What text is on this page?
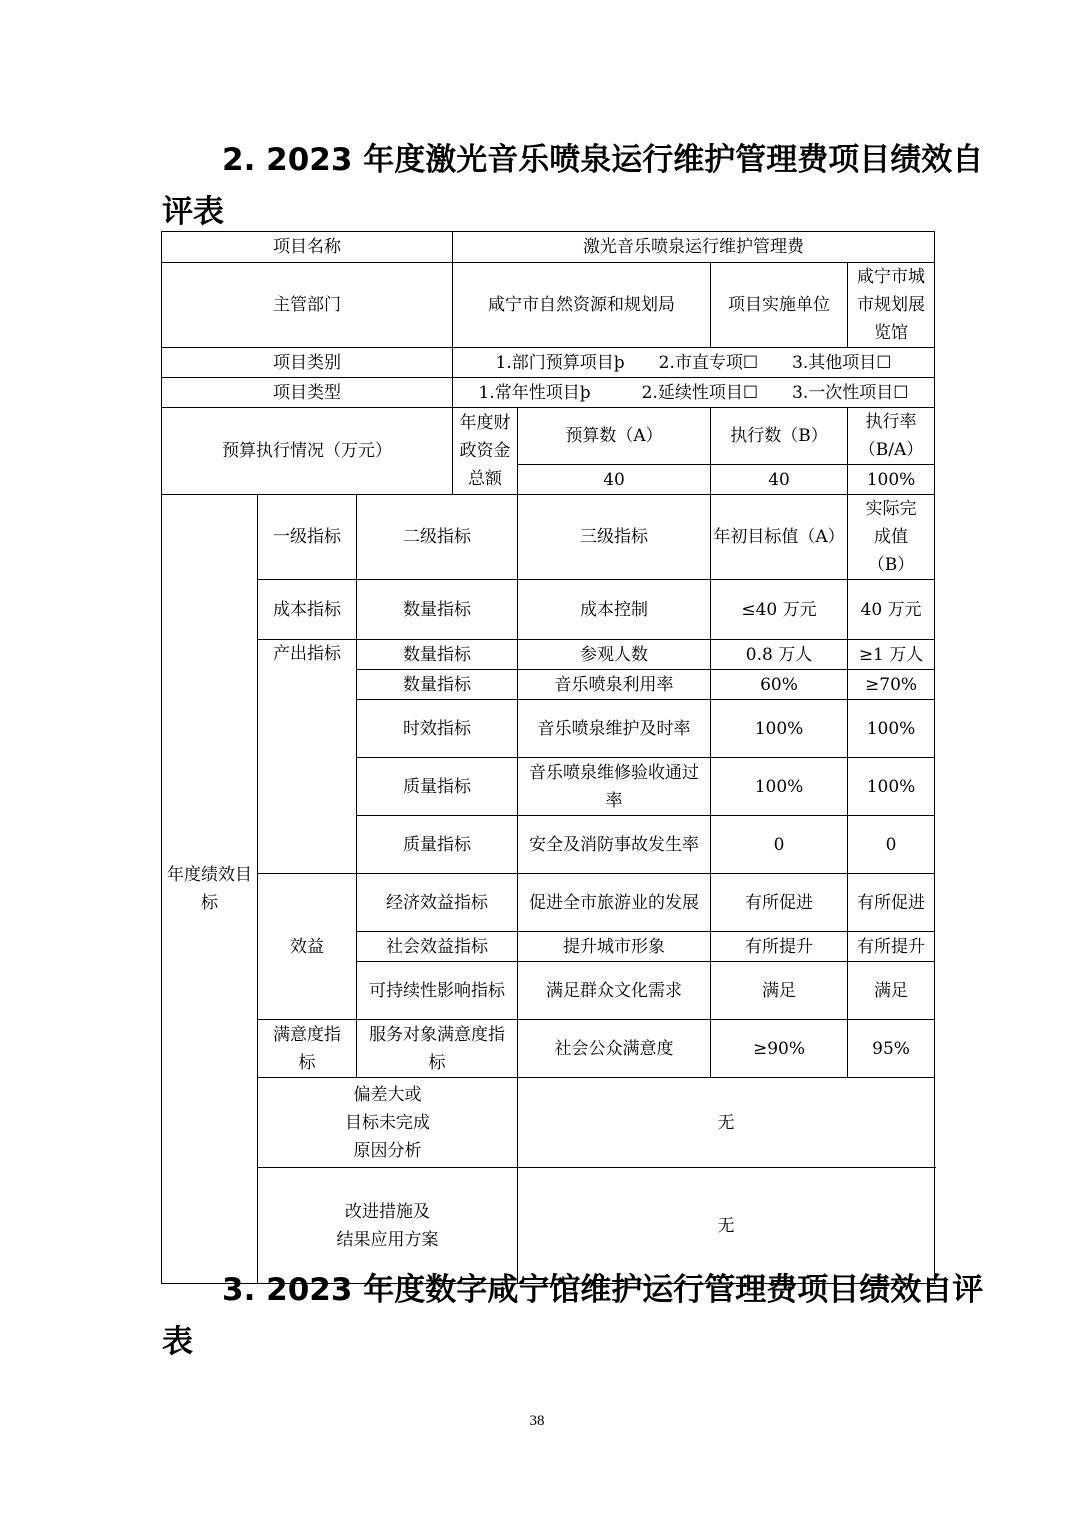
2. 2023 年度激光音乐喷泉运行维护管理费项目绩效自
评表
项目名称			激光音乐喷泉运行维护管理费			
主管部门			咸宁市自然资源和规划局		项目实施单位	咸宁市城市规划展览馆
项目类别			1.部门预算项目þ　　2.市直专项☐　　3.其他项目☐			
项目类型			1.常年性项目þ　　　2.延续性项目☐　　3.一次性项目☐			
预算执行情况（万元）			年度财政资金总额	预算数（A）	执行数（B）	执行率（B/A）
				40	40	100%
年度绩效目标	一级指标	二级指标		三级指标	年初目标值（A）	实际完成值（B）
	成本指标	数量指标		成本控制	≤40 万元	40 万元
	产出指标	数量指标		参观人数	0.8 万人	≥1 万人
		数量指标		音乐喷泉利用率	60%	≥70%
		时效指标		音乐喷泉维护及时率	100%	100%
		质量指标		音乐喷泉维修验收通过率	100%	100%
		质量指标		安全及消防事故发生率	0	0
	效益	经济效益指标		促进全市旅游业的发展	有所促进	有所促进
		社会效益指标		提升城市形象	有所提升	有所提升
		可持续性影响指标		满足群众文化需求	满足	满足
	满意度指标	服务对象满意度指标		社会公众满意度	≥90%	95%

	偏差大或
目标未完成
原因分析			无		

	改进措施及
结果应用方案			无		
3. 2023 年度数字咸宁馆维护运行管理费项目绩效自评
表
38
